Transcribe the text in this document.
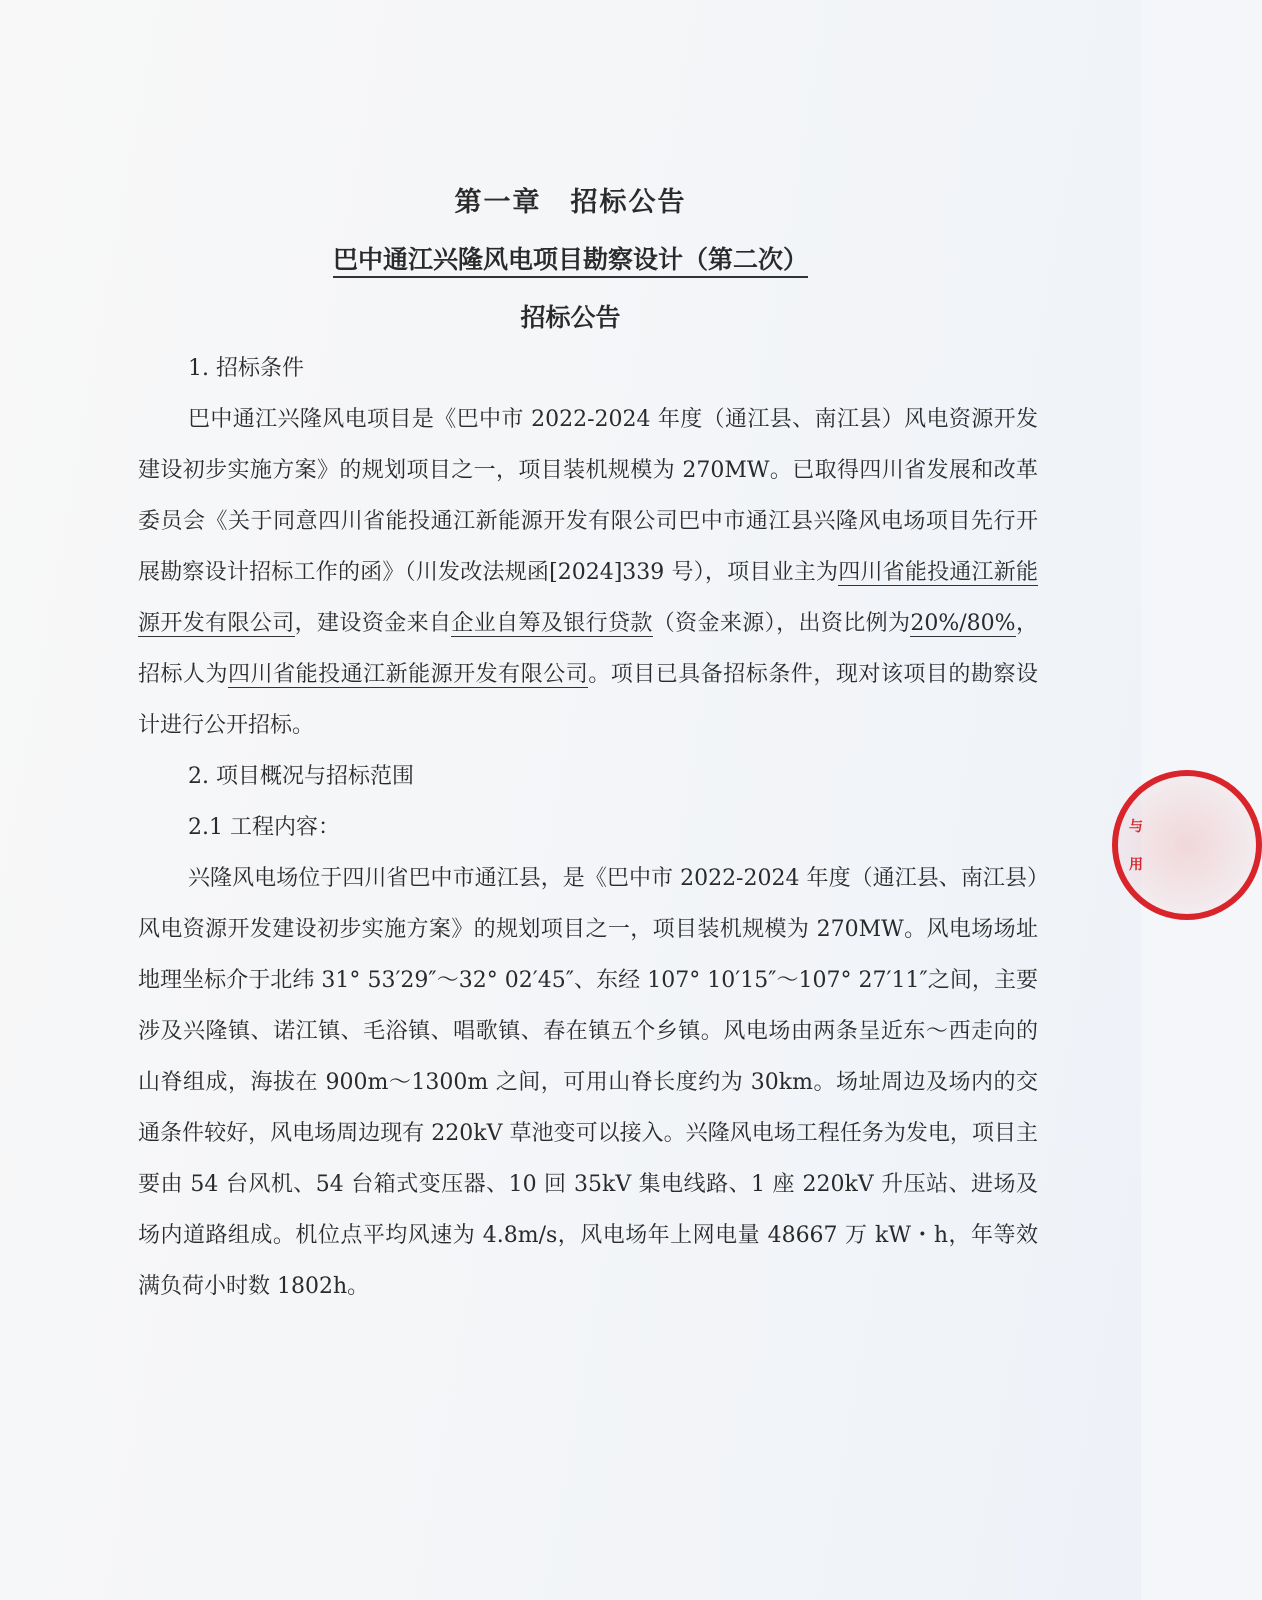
第一章　招标公告
巴中通江兴隆风电项目勘察设计（第二次）
招标公告

1. 招标条件

巴中通江兴隆风电项目是《巴中市 2022-2024 年度（通江县、南江县）风电资源开发建设初步实施方案》的规划项目之一，项目装机规模为 270MW。已取得四川省发展和改革委员会《关于同意四川省能投通江新能源开发有限公司巴中市通江县兴隆风电场项目先行开展勘察设计招标工作的函》（川发改法规函[2024]339 号），项目业主为四川省能投通江新能源开发有限公司，建设资金来自企业自筹及银行贷款（资金来源），出资比例为20%/80%，招标人为四川省能投通江新能源开发有限公司。项目已具备招标条件，现对该项目的勘察设计进行公开招标。

2. 项目概况与招标范围

2.1 工程内容：

兴隆风电场位于四川省巴中市通江县，是《巴中市 2022-2024 年度（通江县、南江县）风电资源开发建设初步实施方案》的规划项目之一，项目装机规模为 270MW。风电场场址地理坐标介于北纬 31° 53′29″～32° 02′45″、东经 107° 10′15″～107° 27′11″之间，主要涉及兴隆镇、诺江镇、毛浴镇、唱歌镇、春在镇五个乡镇。风电场由两条呈近东～西走向的山脊组成，海拔在 900m～1300m 之间，可用山脊长度约为 30km。场址周边及场内的交通条件较好，风电场周边现有 220kV 草池变可以接入。兴隆风电场工程任务为发电，项目主要由 54 台风机、54 台箱式变压器、10 回 35kV 集电线路、1 座 220kV 升压站、进场及场内道路组成。机位点平均风速为 4.8m/s，风电场年上网电量 48667 万 kW・h，年等效满负荷小时数 1802h。

与
用
